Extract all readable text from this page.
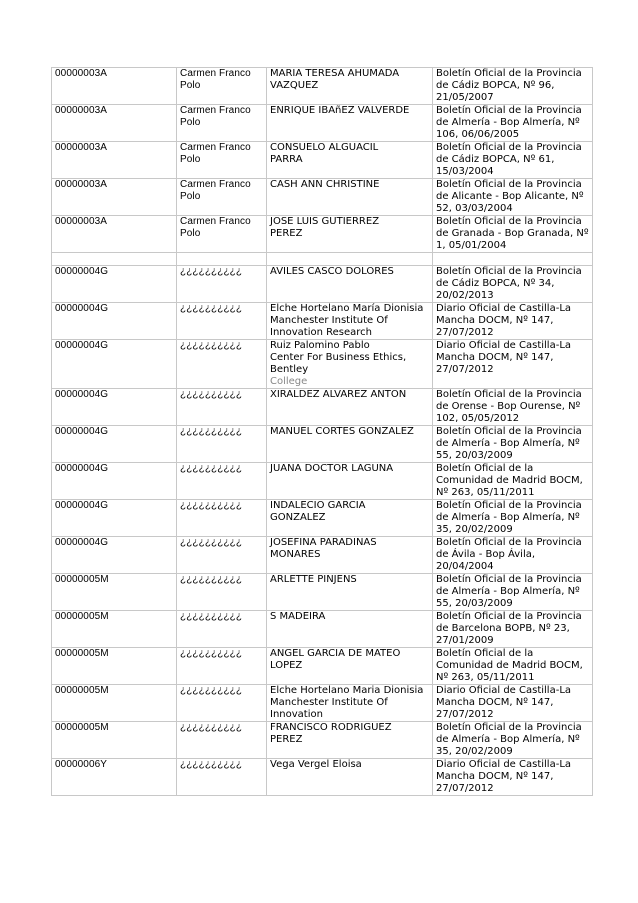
00000003A	Carmen Franco Polo	MARIA TERESA AHUMADA
VAZQUEZ	Boletín Oficial de la Provincia
de Cádiz BOPCA, Nº 96,
21/05/2007

00000003A	Carmen Franco Polo	ENRIQUE IBAñEZ VALVERDE	Boletín Oficial de la Provincia
de Almería - Bop Almería, Nº
106, 06/06/2005

00000003A	Carmen Franco Polo	CONSUELO ALGUACIL
PARRA	Boletín Oficial de la Provincia
de Cádiz BOPCA, Nº 61,
15/03/2004

00000003A	Carmen Franco Polo	CASH ANN CHRISTINE	Boletín Oficial de la Provincia
de Alicante - Bop Alicante, Nº
52, 03/03/2004

00000003A	Carmen Franco Polo	JOSE LUIS GUTIERREZ
PEREZ	Boletín Oficial de la Provincia
de Granada - Bop Granada, Nº
1, 05/01/2004

00000004G	¿¿¿¿¿¿¿¿¿¿	AVILES CASCO DOLORES	Boletín Oficial de la Provincia
de Cádiz BOPCA, Nº 34,
20/02/2013

00000004G	¿¿¿¿¿¿¿¿¿¿	Elche Hortelano María Dionisia
Manchester Institute Of
Innovation Research	Diario Oficial de Castilla-La
Mancha DOCM, Nº 147,
27/07/2012

00000004G	¿¿¿¿¿¿¿¿¿¿	Ruiz Palomino Pablo
Center For Business Ethics,
Bentley
College	Diario Oficial de Castilla-La
Mancha DOCM, Nº 147,
27/07/2012

00000004G	¿¿¿¿¿¿¿¿¿¿	XIRALDEZ ALVAREZ ANTON	Boletín Oficial de la Provincia
de Orense - Bop Ourense, Nº
102, 05/05/2012

00000004G	¿¿¿¿¿¿¿¿¿¿	MANUEL CORTES GONZALEZ	Boletín Oficial de la Provincia
de Almería - Bop Almería, Nº
55, 20/03/2009

00000004G	¿¿¿¿¿¿¿¿¿¿	JUANA DOCTOR LAGUNA	Boletín Oficial de la
Comunidad de Madrid BOCM,
Nº 263, 05/11/2011

00000004G	¿¿¿¿¿¿¿¿¿¿	INDALECIO GARCIA
GONZALEZ	Boletín Oficial de la Provincia
de Almería - Bop Almería, Nº
35, 20/02/2009

00000004G	¿¿¿¿¿¿¿¿¿¿	JOSEFINA PARADINAS
MONARES	Boletín Oficial de la Provincia
de Ávila - Bop Ávila,
20/04/2004

00000005M	¿¿¿¿¿¿¿¿¿¿	ARLETTE PINJENS	Boletín Oficial de la Provincia
de Almería - Bop Almería, Nº
55, 20/03/2009

00000005M	¿¿¿¿¿¿¿¿¿¿	S MADEIRA	Boletín Oficial de la Provincia
de Barcelona BOPB, Nº 23,
27/01/2009

00000005M	¿¿¿¿¿¿¿¿¿¿	ANGEL GARCIA DE MATEO
LOPEZ	Boletín Oficial de la
Comunidad de Madrid BOCM,
Nº 263, 05/11/2011

00000005M	¿¿¿¿¿¿¿¿¿¿	Elche Hortelano Maria Dionisia
Manchester Institute Of
Innovation	Diario Oficial de Castilla-La
Mancha DOCM, Nº 147,
27/07/2012

00000005M	¿¿¿¿¿¿¿¿¿¿	FRANCISCO RODRIGUEZ
PEREZ	Boletín Oficial de la Provincia
de Almería - Bop Almería, Nº
35, 20/02/2009

00000006Y	¿¿¿¿¿¿¿¿¿¿	Vega Vergel Eloisa	Diario Oficial de Castilla-La
Mancha DOCM, Nº 147,
27/07/2012
